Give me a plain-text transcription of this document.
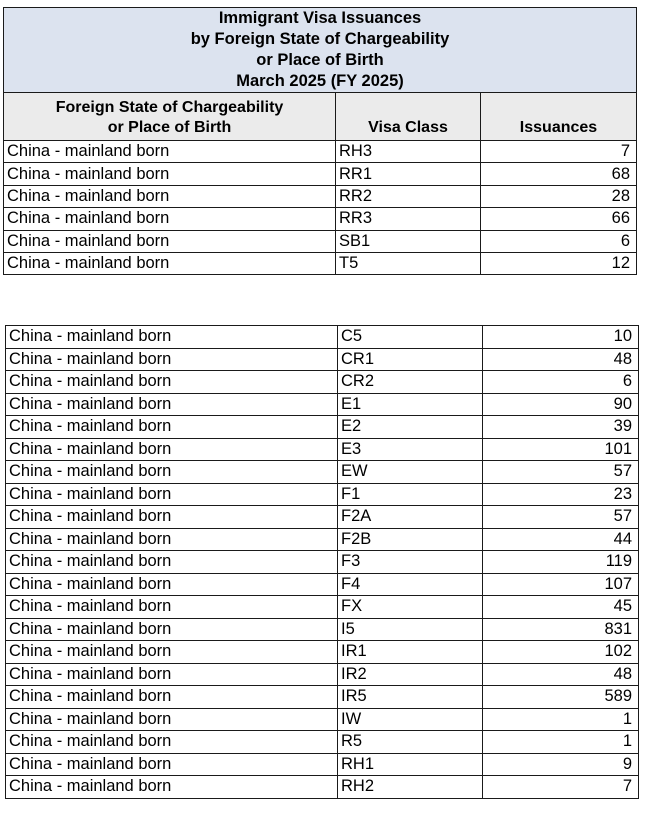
Immigrant Visa Issuances
by Foreign State of Chargeability
or Place of Birth
March 2025 (FY 2025)		

Foreign State of Chargeability
or Place of Birth	Visa Class	Issuances
China - mainland born	RH3	7
China - mainland born	RR1	68
China - mainland born	RR2	28
China - mainland born	RR3	66
China - mainland born	SB1	6
China - mainland born	T5	12
China - mainland born	C5	10
China - mainland born	CR1	48
China - mainland born	CR2	6
China - mainland born	E1	90
China - mainland born	E2	39
China - mainland born	E3	101
China - mainland born	EW	57
China - mainland born	F1	23
China - mainland born	F2A	57
China - mainland born	F2B	44
China - mainland born	F3	119
China - mainland born	F4	107
China - mainland born	FX	45
China - mainland born	I5	831
China - mainland born	IR1	102
China - mainland born	IR2	48
China - mainland born	IR5	589
China - mainland born	IW	1
China - mainland born	R5	1
China - mainland born	RH1	9
China - mainland born	RH2	7
